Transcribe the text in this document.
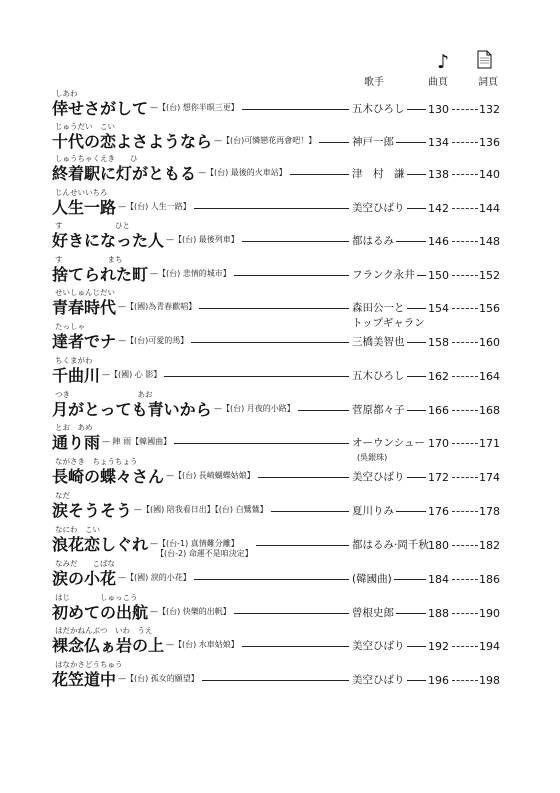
♪
歌手	曲頁	詞頁
しあわ
倖せさがして —【(台) 想你半暝三更】	五木ひろし 130	132
じゅうだい　こい
十代の恋よさようなら —【(台)可憐戀花再會吧！】	神戸一郎	134	136
しゅうちゃくえき　　ひ
終着駅に灯がともる —【(台) 最後的火車站】	津　村　謙 138	140
じんせいいちろ
人生一路 —【(台) 人生一路】	美空ひばり 142	144
す　　　　　　　ひと
好きになった人 —【(台) 最後列車】	都はるみ	146	148
す　　　　　　まち
捨てられた町 —【(台) 悲情的城市】	フランク永井 150	152
せいしゅんじだい
青春時代 —【(國)為青春歡唱】	森田公一と
トップギャラン
154	156
たっしゃ
達者でナ —【(台)可愛的馬】	三橋美智也 158	160
ちくまがわ
千曲川 —【(國) 心 影】	五木ひろし 162	164
つき　　　　　　　　　あお
月がとっても青いから —【(台) 月夜的小路】	菅原都々子 166	168
とお　あめ
通り雨 — 陣 雨【韓國曲】	オーウンシュー
(吳銀珠)
170	171
ながさき　ちょうちょう
長崎の蝶々さん —【(台) 長崎蝴蝶姑娘】	美空ひばり 172	174
なだ
涙そうそう —【(國) 陪我看日出】【(台) 白鷺鷥】	夏川りみ	176	178
なにわ　こい
浪花恋しぐれ —【(台-1) 真情難分離】
【(台-2) 命運不是咱決定】
都はるみ·岡千秋 180	182
なみだ　　こばな
涙の小花 —【(國) 淚的小花】	(韓國曲)	184	186
はじ　　　　しゅっこう
初めての出航 —【(台) 快樂的出帆】	曾根史郎	188	190
はだかねんぶつ　いわ　うえ
裸念仏ぁ岩の上 —【(台) 水車姑娘】	美空ひばり 192	194
はなかさどうちゅう
花笠道中 —【(台) 孤女的願望】	美空ひばり 196	198
